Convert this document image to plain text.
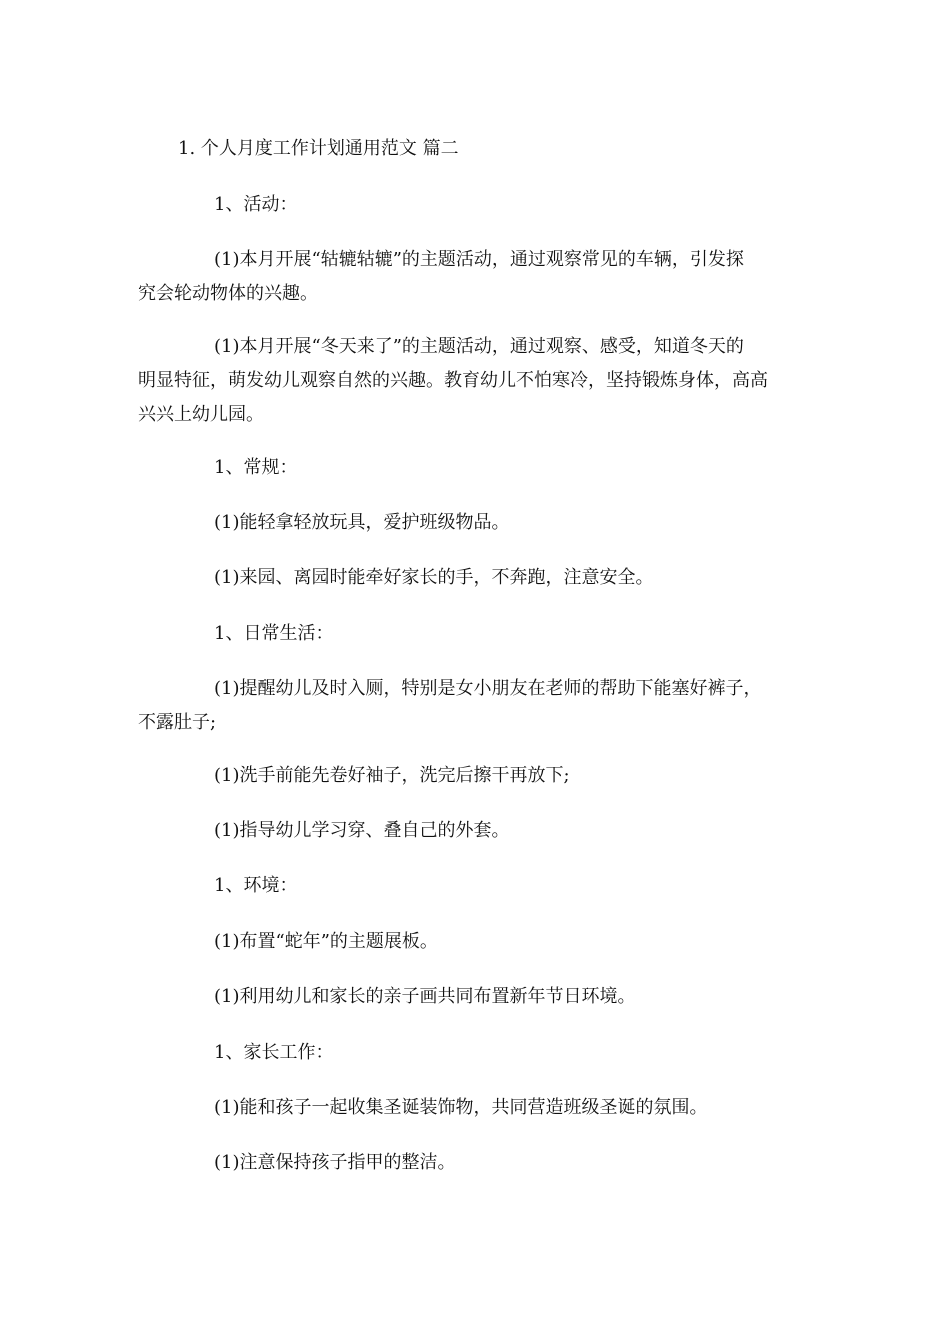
1. 个人月度工作计划通用范文 篇二

1、活动：

(1)本月开展“轱辘轱辘”的主题活动，通过观察常见的车辆，引发探
究会轮动物体的兴趣。

(1)本月开展“冬天来了”的主题活动，通过观察、感受，知道冬天的
明显特征，萌发幼儿观察自然的兴趣。教育幼儿不怕寒冷，坚持锻炼身体，高高
兴兴上幼儿园。

1、常规：

(1)能轻拿轻放玩具，爱护班级物品。

(1)来园、离园时能牵好家长的手，不奔跑，注意安全。

1、日常生活：

(1)提醒幼儿及时入厕，特别是女小朋友在老师的帮助下能塞好裤子，
不露肚子;

(1)洗手前能先卷好袖子，洗完后擦干再放下;

(1)指导幼儿学习穿、叠自己的外套。

1、环境：

(1)布置“蛇年”的主题展板。

(1)利用幼儿和家长的亲子画共同布置新年节日环境。

1、家长工作：

(1)能和孩子一起收集圣诞装饰物，共同营造班级圣诞的氛围。

(1)注意保持孩子指甲的整洁。
